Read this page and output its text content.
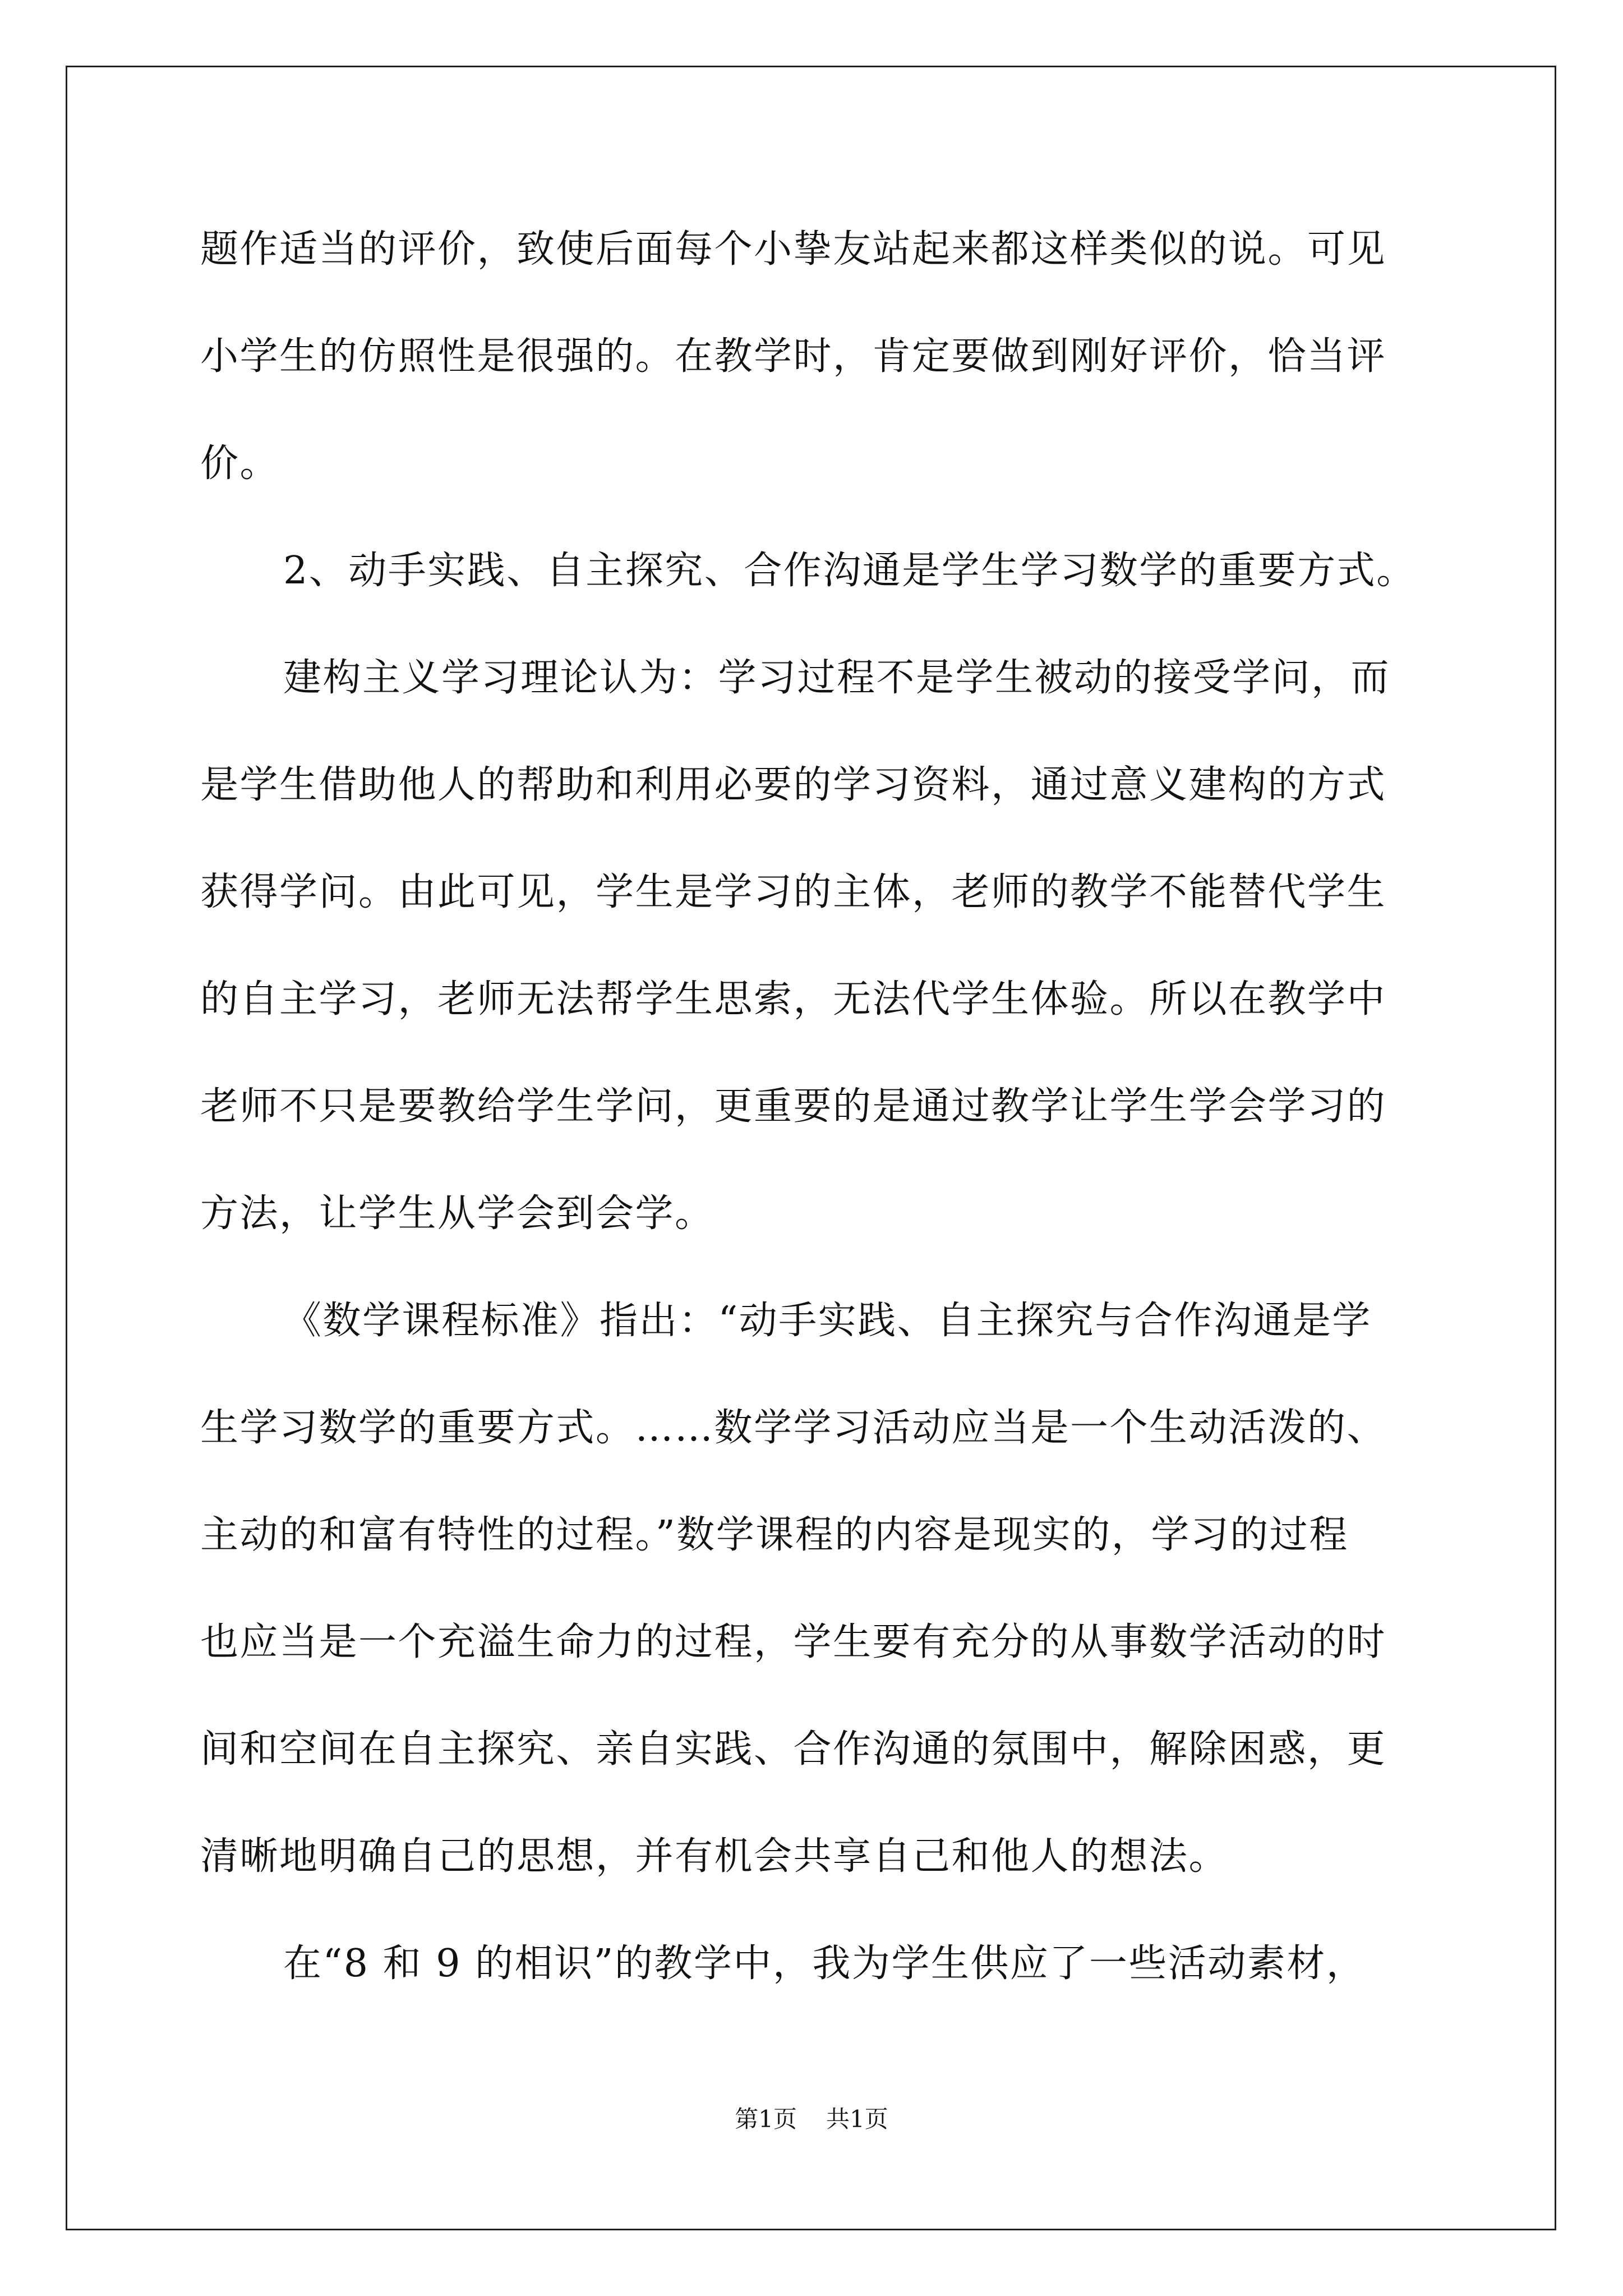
题作适当的评价，致使后面每个小挚友站起来都这样类似的说。可见
小学生的仿照性是很强的。在教学时，肯定要做到刚好评价，恰当评
价。
2、动手实践、自主探究、合作沟通是学生学习数学的重要方式。
建构主义学习理论认为：学习过程不是学生被动的接受学问，而
是学生借助他人的帮助和利用必要的学习资料，通过意义建构的方式
获得学问。由此可见，学生是学习的主体，老师的教学不能替代学生
的自主学习，老师无法帮学生思索，无法代学生体验。所以在教学中
老师不只是要教给学生学问，更重要的是通过教学让学生学会学习的
方法，让学生从学会到会学。
《数学课程标准》指出：“动手实践、自主探究与合作沟通是学
生学习数学的重要方式。……数学学习活动应当是一个生动活泼的、
主动的和富有特性的过程。”数学课程的内容是现实的，学习的过程
也应当是一个充溢生命力的过程，学生要有充分的从事数学活动的时
间和空间在自主探究、亲自实践、合作沟通的氛围中，解除困惑，更
清晰地明确自己的思想，并有机会共享自己和他人的想法。
在“8 和 9 的相识”的教学中，我为学生供应了一些活动素材，
第1页 共1页
